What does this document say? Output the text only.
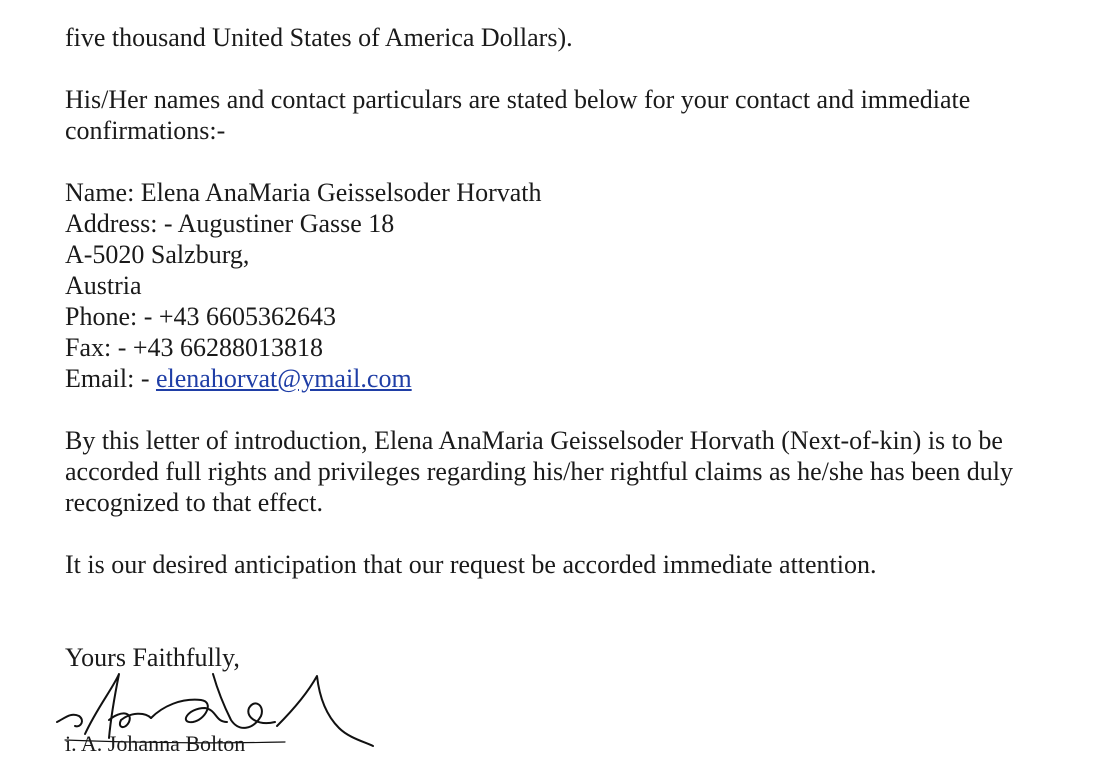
five thousand United States of America Dollars).
His/Her names and contact particulars are stated below for your contact and immediate
confirmations:-
Name: Elena AnaMaria Geisselsoder Horvath
Address: - Augustiner Gasse 18
A-5020 Salzburg,
Austria
Phone: - +43 6605362643
Fax: - +43 66288013818
Email: - elenahorvat@ymail.com
By this letter of introduction, Elena AnaMaria Geisselsoder Horvath (Next-of-kin) is to be
accorded full rights and privileges regarding his/her rightful claims as he/she has been duly
recognized to that effect.
It is our desired anticipation that our request be accorded immediate attention.
Yours Faithfully,
i. A. Johanna Bolton
